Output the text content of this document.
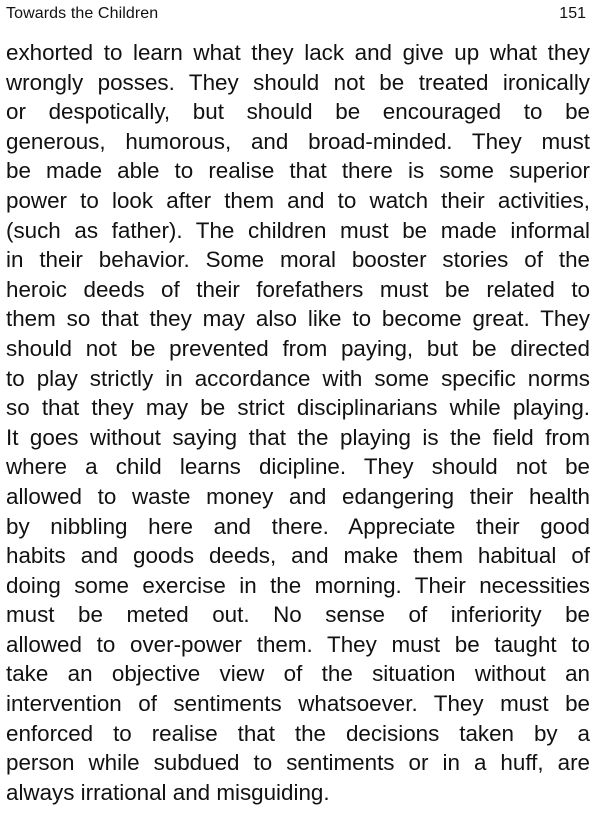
Towards the Children	151
exhorted to learn what they lack and give up what they
wrongly posses. They should not be treated ironically
or despotically, but should be encouraged to be
generous, humorous, and broad-minded. They must
be made able to realise that there is some superior
power to look after them and to watch their activities,
(such as father). The children must be made informal
in their behavior. Some moral booster stories of the
heroic deeds of their forefathers must be related to
them so that they may also like to become great. They
should not be prevented from paying, but be directed
to play strictly in accordance with some specific norms
so that they may be strict disciplinarians while playing.
It goes without saying that the playing is the field from
where a child learns dicipline. They should not be
allowed to waste money and edangering their health
by nibbling here and there. Appreciate their good
habits and goods deeds, and make them habitual of
doing some exercise in the morning. Their necessities
must be meted out. No sense of inferiority be
allowed to over-power them. They must be taught to
take an objective view of the situation without an
intervention of sentiments whatsoever. They must be
enforced to realise that the decisions taken by a
person while subdued to sentiments or in a huff, are
always irrational and misguiding.
